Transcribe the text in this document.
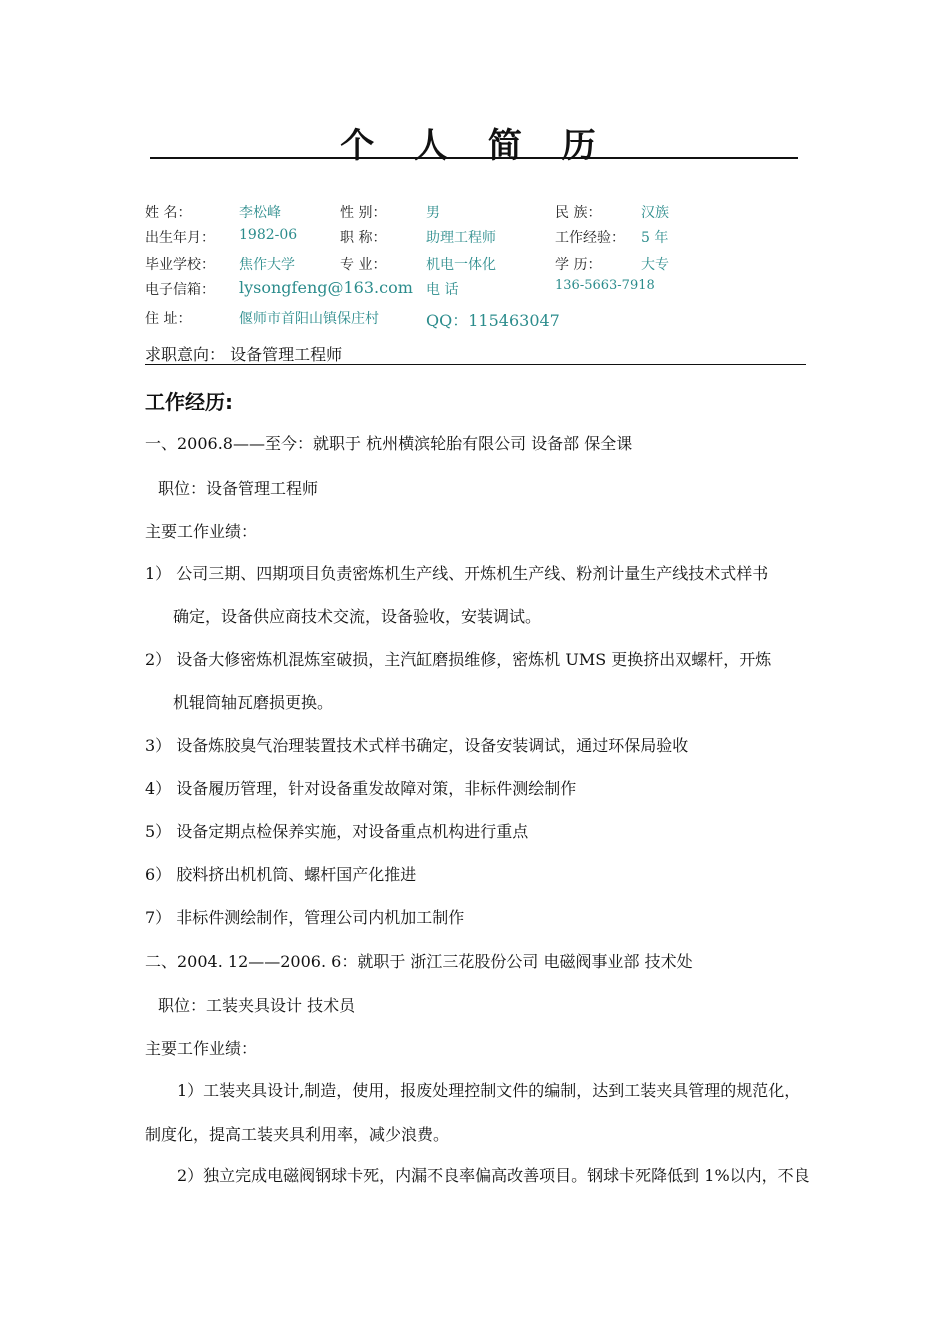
个 人 简 历
姓 名：	李松峰	性 别：	男	民 族：	汉族
出生年月： 1982-06	职 称：	助理工程师	工作经验： 5 年
毕业学校： 焦作大学	专 业：	机电一体化	学 历：	大专
电子信箱： lysongfeng@163.com 电 话	136-5663-7918
住 址：	偃师市首阳山镇保庄村	QQ：115463047
求职意向： 设备管理工程师
工作经历:
一、2006.8——至今：就职于 杭州横滨轮胎有限公司 设备部 保全课
职位：设备管理工程师
主要工作业绩：
1） 公司三期、四期项目负责密炼机生产线、开炼机生产线、粉剂计量生产线技术式样书
确定，设备供应商技术交流，设备验收，安装调试。
2） 设备大修密炼机混炼室破损，主汽缸磨损维修，密炼机 UMS 更换挤出双螺杆，开炼
机辊筒轴瓦磨损更换。
3） 设备炼胶臭气治理装置技术式样书确定，设备安装调试，通过环保局验收
4） 设备履历管理，针对设备重发故障对策，非标件测绘制作
5） 设备定期点检保养实施，对设备重点机构进行重点
6） 胶料挤出机机筒、螺杆国产化推进
7） 非标件测绘制作，管理公司内机加工制作
二、2004. 12——2006. 6：就职于 浙江三花股份公司 电磁阀事业部 技术处
职位：工装夹具设计 技术员
主要工作业绩：
1）工装夹具设计,制造，使用，报废处理控制文件的编制，达到工装夹具管理的规范化，
制度化，提高工装夹具利用率，减少浪费。
2）独立完成电磁阀钢球卡死，内漏不良率偏高改善项目。钢球卡死降低到 1%以内，不良
